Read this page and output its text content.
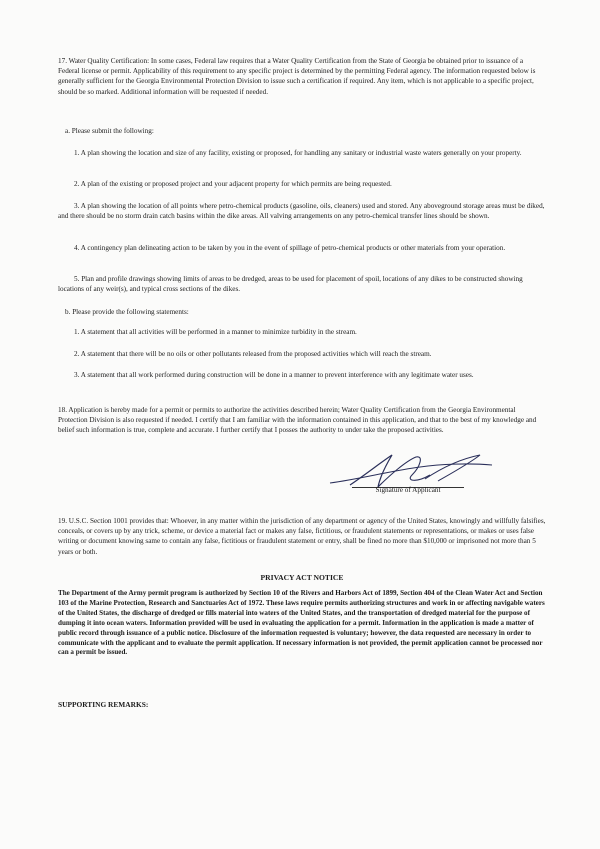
17. Water Quality Certification: In some cases, Federal law requires that a Water Quality Certification from the State of Georgia be obtained prior to issuance of a Federal license or permit. Applicability of this requirement to any specific project is determined by the permitting Federal agency. The information requested below is generally sufficient for the Georgia Environmental Protection Division to issue such a certification if required. Any item, which is not applicable to a specific project, should be so marked. Additional information will be requested if needed.

a. Please submit the following:

1. A plan showing the location and size of any facility, existing or proposed, for handling any sanitary or industrial waste waters generally on your property.

2. A plan of the existing or proposed project and your adjacent property for which permits are being requested.

3. A plan showing the location of all points where petro-chemical products (gasoline, oils, cleaners) used and stored. Any aboveground storage areas must be diked, and there should be no storm drain catch basins within the dike areas. All valving arrangements on any petro-chemical transfer lines should be shown.

4. A contingency plan delineating action to be taken by you in the event of spillage of petro-chemical products or other materials from your operation.

5. Plan and profile drawings showing limits of areas to be dredged, areas to be used for placement of spoil, locations of any dikes to be constructed showing locations of any weir(s), and typical cross sections of the dikes.

b. Please provide the following statements:

1. A statement that all activities will be performed in a manner to minimize turbidity in the stream.

2. A statement that there will be no oils or other pollutants released from the proposed activities which will reach the stream.

3. A statement that all work performed during construction will be done in a manner to prevent interference with any legitimate water uses.

18. Application is hereby made for a permit or permits to authorize the activities described herein; Water Quality Certification from the Georgia Environmental Protection Division is also requested if needed. I certify that I am familiar with the information contained in this application, and that to the best of my knowledge and belief such information is true, complete and accurate. I further certify that I posses the authority to under take the proposed activities.

Signature of Applicant

19. U.S.C. Section 1001 provides that: Whoever, in any matter within the jurisdiction of any department or agency of the United States, knowingly and willfully falsifies, conceals, or covers up by any trick, scheme, or device a material fact or makes any false, fictitious, or fraudulent statements or representations, or makes or uses false writing or document knowing same to contain any false, fictitious or fraudulent statement or entry, shall be fined no more than $10,000 or imprisoned not more than 5 years or both.

PRIVACY ACT NOTICE

The Department of the Army permit program is authorized by Section 10 of the Rivers and Harbors Act of 1899, Section 404 of the Clean Water Act and Section 103 of the Marine Protection, Research and Sanctuaries Act of 1972. These laws require permits authorizing structures and work in or affecting navigable waters of the United States, the discharge of dredged or fills material into waters of the United States, and the transportation of dredged material for the purpose of dumping it into ocean waters. Information provided will be used in evaluating the application for a permit. Information in the application is made a matter of public record through issuance of a public notice. Disclosure of the information requested is voluntary; however, the data requested are necessary in order to communicate with the applicant and to evaluate the permit application. If necessary information is not provided, the permit application cannot be processed nor can a permit be issued.

SUPPORTING REMARKS:
